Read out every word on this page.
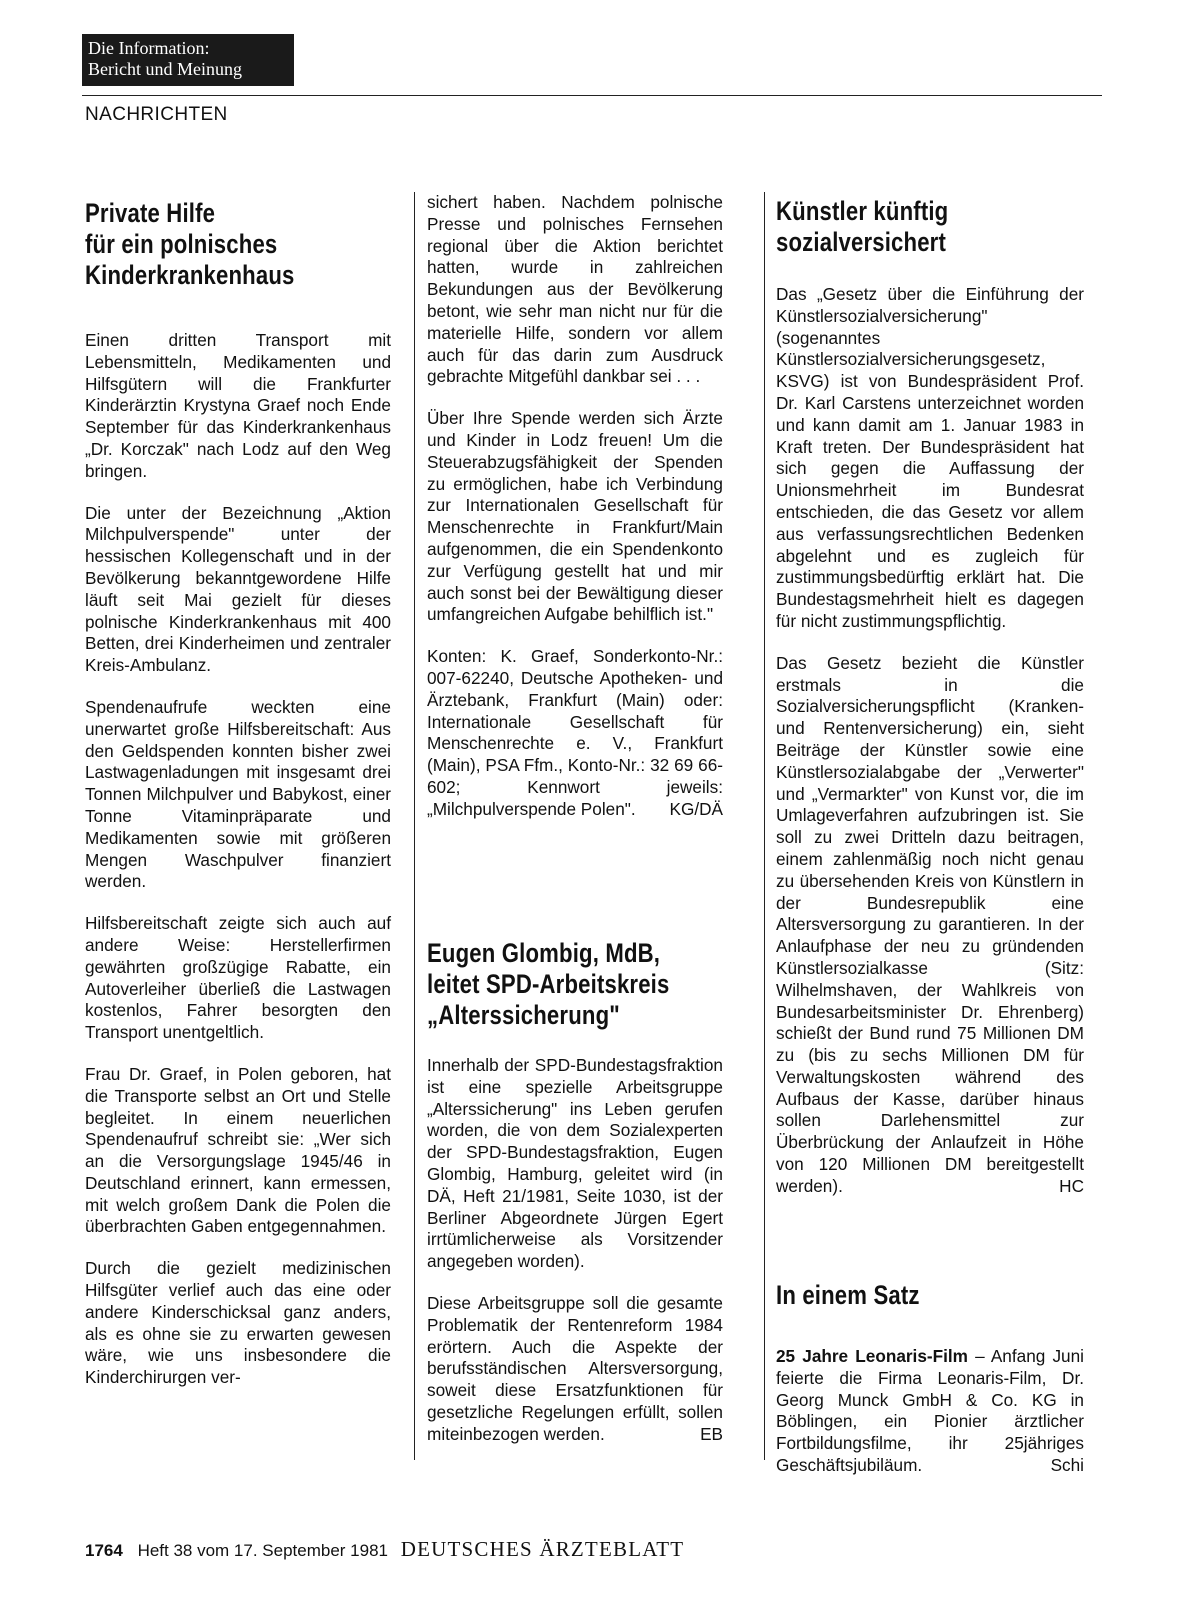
Die Information:
Bericht und Meinung
NACHRICHTEN
Private Hilfe
für ein polnisches
Kinderkrankenhaus

Einen dritten Transport mit Lebensmitteln, Medikamenten und Hilfsgütern will die Frankfurter Kinderärztin Krystyna Graef noch Ende September für das Kinderkrankenhaus „Dr. Korczak" nach Lodz auf den Weg bringen.

Die unter der Bezeichnung „Aktion Milchpulverspende" unter der hessischen Kollegenschaft und in der Bevölkerung bekanntgewordene Hilfe läuft seit Mai gezielt für dieses polnische Kinderkrankenhaus mit 400 Betten, drei Kinderheimen und zentraler Kreis-Ambulanz.

Spendenaufrufe weckten eine unerwartet große Hilfsbereitschaft: Aus den Geldspenden konnten bisher zwei Lastwagenladungen mit insgesamt drei Tonnen Milchpulver und Babykost, einer Tonne Vitaminpräparate und Medikamenten sowie mit größeren Mengen Waschpulver finanziert werden.

Hilfsbereitschaft zeigte sich auch auf andere Weise: Herstellerfirmen gewährten großzügige Rabatte, ein Autoverleiher überließ die Lastwagen kostenlos, Fahrer besorgten den Transport unentgeltlich.

Frau Dr. Graef, in Polen geboren, hat die Transporte selbst an Ort und Stelle begleitet. In einem neuerlichen Spendenaufruf schreibt sie: „Wer sich an die Versorgungslage 1945/46 in Deutschland erinnert, kann ermessen, mit welch großem Dank die Polen die überbrachten Gaben entgegennahmen.

Durch die gezielt medizinischen Hilfsgüter verlief auch das eine oder andere Kinderschicksal ganz anders, als es ohne sie zu erwarten gewesen wäre, wie uns insbesondere die Kinderchirurgen ver-

sichert haben. Nachdem polnische Presse und polnisches Fernsehen regional über die Aktion berichtet hatten, wurde in zahlreichen Bekundungen aus der Bevölkerung betont, wie sehr man nicht nur für die materielle Hilfe, sondern vor allem auch für das darin zum Ausdruck gebrachte Mitgefühl dankbar sei . . .

Über Ihre Spende werden sich Ärzte und Kinder in Lodz freuen! Um die Steuerabzugsfähigkeit der Spenden zu ermöglichen, habe ich Verbindung zur Internationalen Gesellschaft für Menschenrechte in Frankfurt/Main aufgenommen, die ein Spendenkonto zur Verfügung gestellt hat und mir auch sonst bei der Bewältigung dieser umfangreichen Aufgabe behilflich ist."

Konten: K. Graef, Sonderkonto-Nr.: 007-62240, Deutsche Apotheken- und Ärztebank, Frankfurt (Main) oder: Internationale Gesellschaft für Menschenrechte e. V., Frankfurt (Main), PSA Ffm., Konto-Nr.: 32 69 66-602; Kennwort jeweils: „Milchpulverspende Polen". KG/DÄ

Eugen Glombig, MdB,
leitet SPD-Arbeitskreis
„Alterssicherung"

Innerhalb der SPD-Bundestagsfraktion ist eine spezielle Arbeitsgruppe „Alterssicherung" ins Leben gerufen worden, die von dem Sozialexperten der SPD-Bundestagsfraktion, Eugen Glombig, Hamburg, geleitet wird (in DÄ, Heft 21/1981, Seite 1030, ist der Berliner Abgeordnete Jürgen Egert irrtümlicherweise als Vorsitzender angegeben worden).

Diese Arbeitsgruppe soll die gesamte Problematik der Rentenreform 1984 erörtern. Auch die Aspekte der berufsständischen Altersversorgung, soweit diese Ersatzfunktionen für gesetzliche Regelungen erfüllt, sollen miteinbezogen werden.	EB

Künstler künftig
sozialversichert

Das „Gesetz über die Einführung der Künstlersozialversicherung" (sogenanntes Künstlersozialversicherungsgesetz, KSVG) ist von Bundespräsident Prof. Dr. Karl Carstens unterzeichnet worden und kann damit am 1. Januar 1983 in Kraft treten. Der Bundespräsident hat sich gegen die Auffassung der Unionsmehrheit im Bundesrat entschieden, die das Gesetz vor allem aus verfassungsrechtlichen Bedenken abgelehnt und es zugleich für zustimmungsbedürftig erklärt hat. Die Bundestagsmehrheit hielt es dagegen für nicht zustimmungspflichtig.

Das Gesetz bezieht die Künstler erstmals in die Sozialversicherungspflicht (Kranken- und Rentenversicherung) ein, sieht Beiträge der Künstler sowie eine Künstlersozialabgabe der „Verwerter" und „Vermarkter" von Kunst vor, die im Umlageverfahren aufzubringen ist. Sie soll zu zwei Dritteln dazu beitragen, einem zahlenmäßig noch nicht genau zu übersehenden Kreis von Künstlern in der Bundesrepublik eine Altersversorgung zu garantieren. In der Anlaufphase der neu zu gründenden Künstlersozialkasse (Sitz: Wilhelmshaven, der Wahlkreis von Bundesarbeitsminister Dr. Ehrenberg) schießt der Bund rund 75 Millionen DM zu (bis zu sechs Millionen DM für Verwaltungskosten während des Aufbaus der Kasse, darüber hinaus sollen Darlehensmittel zur Überbrückung der Anlaufzeit in Höhe von 120 Millionen DM bereitgestellt werden).	HC

In einem Satz

25 Jahre Leonaris-Film – Anfang Juni feierte die Firma Leonaris-Film, Dr. Georg Munck GmbH & Co. KG in Böblingen, ein Pionier ärztlicher Fortbildungsfilme, ihr 25jähriges Geschäftsjubiläum.	Schi

1764 Heft 38 vom 17. September 1981 DEUTSCHES ÄRZTEBLATT
